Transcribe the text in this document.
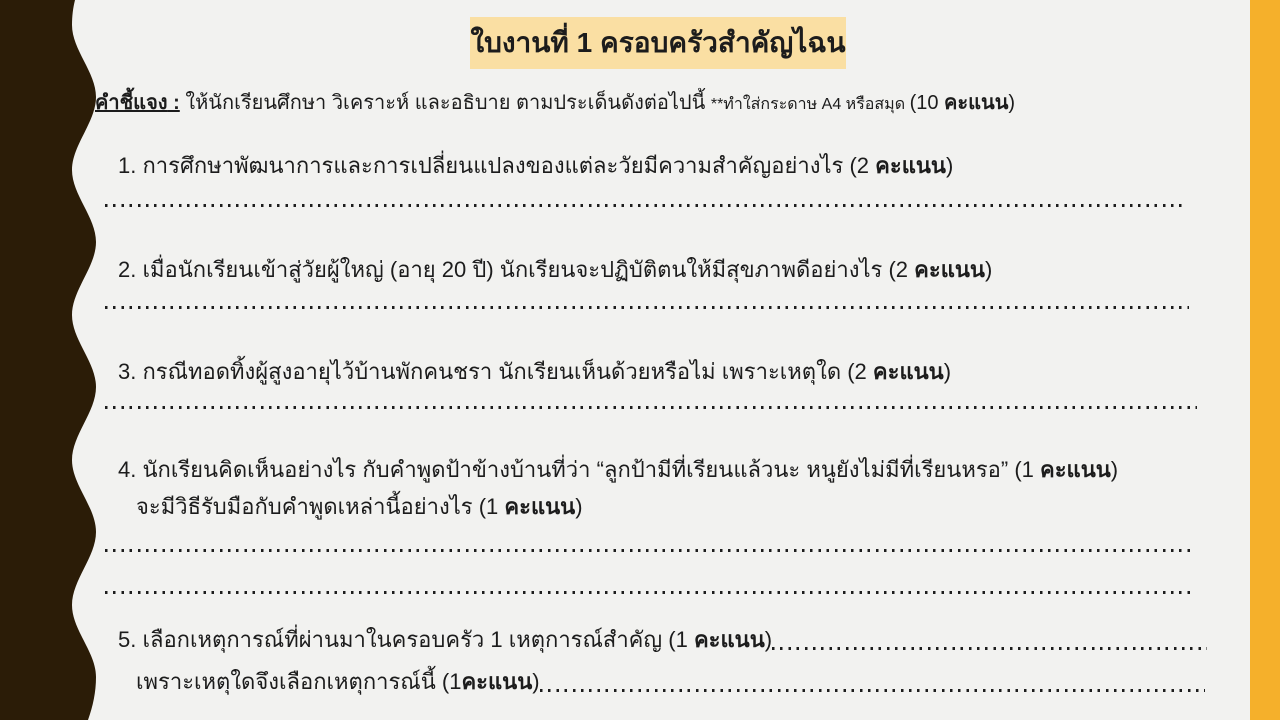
ใบงานที่ 1 ครอบครัวสำคัญไฉน
คำชี้แจง : ให้นักเรียนศึกษา วิเคราะห์ และอธิบาย ตามประเด็นดังต่อไปนี้ **ทำใส่กระดาษ A4 หรือสมุด (10 คะแนน)
1. การศึกษาพัฒนาการและการเปลี่ยนแปลงของแต่ละวัยมีความสำคัญอย่างไร (2 คะแนน)
2. เมื่อนักเรียนเข้าสู่วัยผู้ใหญ่ (อายุ 20 ปี) นักเรียนจะปฏิบัติตนให้มีสุขภาพดีอย่างไร (2 คะแนน)
3. กรณีทอดทิ้งผู้สูงอายุไว้บ้านพักคนชรา นักเรียนเห็นด้วยหรือไม่ เพราะเหตุใด (2 คะแนน)
4. นักเรียนคิดเห็นอย่างไร กับคำพูดป้าข้างบ้านที่ว่า “ลูกป้ามีที่เรียนแล้วนะ หนูยังไม่มีที่เรียนหรอ” (1 คะแนน)
จะมีวิธีรับมือกับคำพูดเหล่านี้อย่างไร (1 คะแนน)
5. เลือกเหตุการณ์ที่ผ่านมาในครอบครัว 1 เหตุการณ์สำคัญ (1 คะแนน)
เพราะเหตุใดจึงเลือกเหตุการณ์นี้ (1คะแนน)
